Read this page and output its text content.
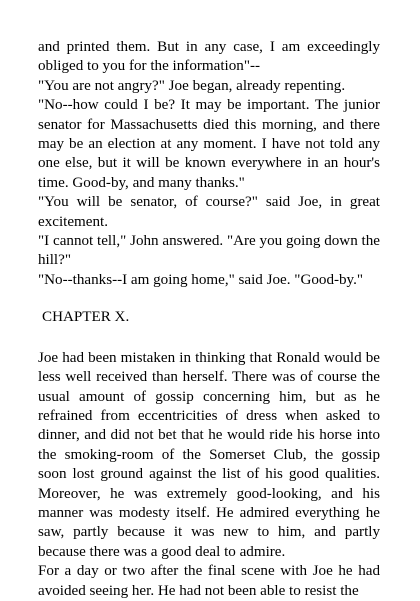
and printed them. But in any case, I am exceedingly obliged to you for the information"--

"You are not angry?" Joe began, already repenting.

"No--how could I be? It may be important. The junior senator for Massachusetts died this morning, and there may be an election at any moment. I have not told any one else, but it will be known everywhere in an hour's time. Good-by, and many thanks."

"You will be senator, of course?" said Joe, in great excitement.

"I cannot tell," John answered. "Are you going down the hill?"

"No--thanks--I am going home," said Joe. "Good-by."

CHAPTER X.

Joe had been mistaken in thinking that Ronald would be less well received than herself. There was of course the usual amount of gossip concerning him, but as he refrained from eccentricities of dress when asked to dinner, and did not bet that he would ride his horse into the smoking-room of the Somerset Club, the gossip soon lost ground against the list of his good qualities. Moreover, he was extremely good-looking, and his manner was modesty itself. He admired everything he saw, partly because it was new to him, and partly because there was a good deal to admire.

For a day or two after the final scene with Joe he had avoided seeing her. He had not been able to resist the
